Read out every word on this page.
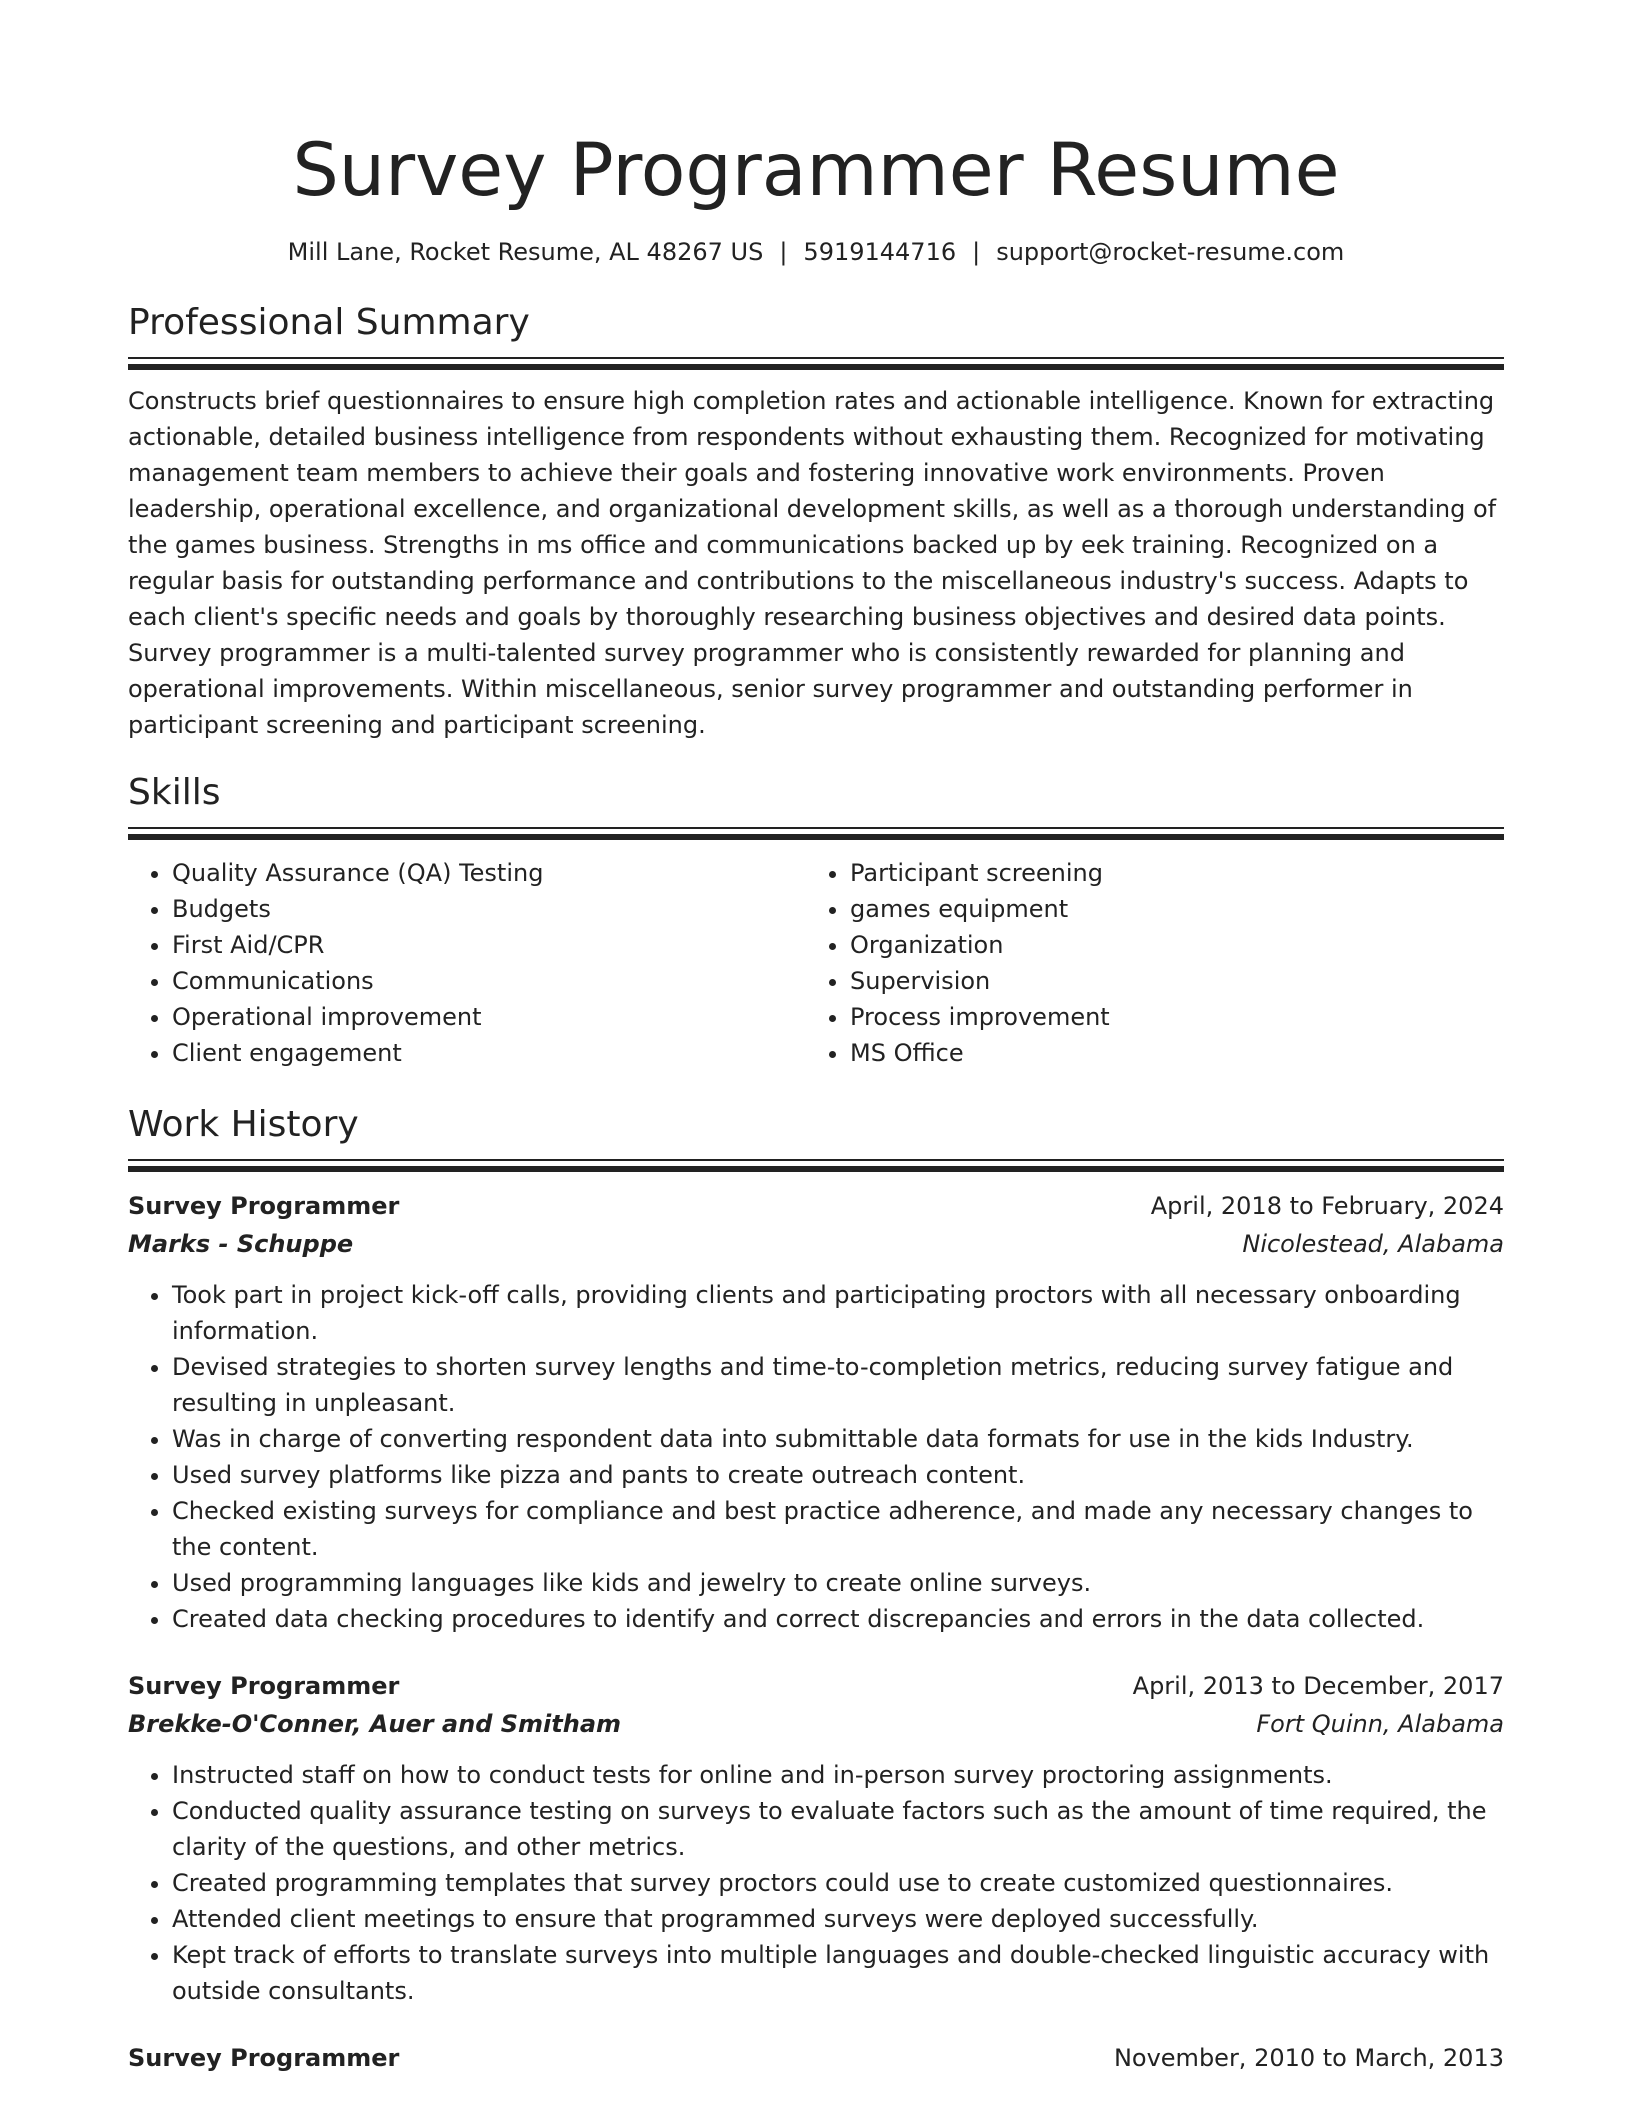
Survey Programmer Resume
Mill Lane, Rocket Resume, AL 48267 US | 5919144716 | support@rocket-resume.com
Professional Summary

Constructs brief questionnaires to ensure high completion rates and actionable intelligence. Known for extracting actionable, detailed business intelligence from respondents without exhausting them. Recognized for motivating management team members to achieve their goals and fostering innovative work environments. Proven leadership, operational excellence, and organizational development skills, as well as a thorough understanding of the games business. Strengths in ms office and communications backed up by eek training. Recognized on a regular basis for outstanding performance and contributions to the miscellaneous industry's success. Adapts to each client's specific needs and goals by thoroughly researching business objectives and desired data points. Survey programmer is a multi-talented survey programmer who is consistently rewarded for planning and operational improvements. Within miscellaneous, senior survey programmer and outstanding performer in participant screening and participant screening.

Skills
• Quality Assurance (QA) Testing
• Budgets
• First Aid/CPR
• Communications
• Operational improvement
• Client engagement
• Participant screening
• games equipment
• Organization
• Supervision
• Process improvement
• MS Office
Work History
Survey Programmer	April, 2018 to February, 2024
Marks - Schuppe	Nicolestead, Alabama
• Took part in project kick-off calls, providing clients and participating proctors with all necessary onboarding information.
• Devised strategies to shorten survey lengths and time-to-completion metrics, reducing survey fatigue and resulting in unpleasant.
• Was in charge of converting respondent data into submittable data formats for use in the kids Industry.
• Used survey platforms like pizza and pants to create outreach content.
• Checked existing surveys for compliance and best practice adherence, and made any necessary changes to the content.
• Used programming languages like kids and jewelry to create online surveys.
• Created data checking procedures to identify and correct discrepancies and errors in the data collected.
Survey Programmer	April, 2013 to December, 2017
Brekke-O'Conner, Auer and Smitham	Fort Quinn, Alabama
• Instructed staff on how to conduct tests for online and in-person survey proctoring assignments.
• Conducted quality assurance testing on surveys to evaluate factors such as the amount of time required, the clarity of the questions, and other metrics.
• Created programming templates that survey proctors could use to create customized questionnaires.
• Attended client meetings to ensure that programmed surveys were deployed successfully.
• Kept track of efforts to translate surveys into multiple languages and double-checked linguistic accuracy with outside consultants.
Survey Programmer	November, 2010 to March, 2013
